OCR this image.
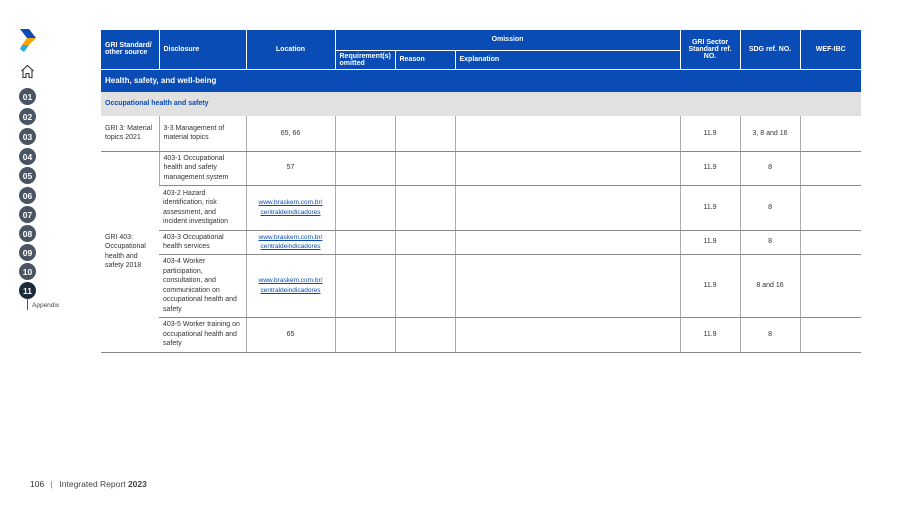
01
02
03
04
05
06
07
08
09
10
11
Appendix
GRI Standard/ other source	Disclosure	Location	Omission			GRI Sector Standard ref. NO.	SDG ref. NO.	WEF-IBC
			Requirement(s) omitted	Reason	Explanation			
Health, safety, and well-being								
Occupational health and safety								
GRI 3: Material topics 2021	3-3 Management of material topics	65, 66				11.9	3, 8 and 16	
GRI 403: Occupational health and safety 2018	403-1 Occupational health and safety management system	57				11.9	8	
	403-2 Hazard identification, risk assessment, and incident investigation	www.braskem.com.br/ centraldeindicadores				11.9	8	
	403-3 Occupational health services	www.braskem.com.br/ centraldeindicadores				11.9	8	
	403-4 Worker participation, consultation, and communication on occupational health and safety	www.braskem.com.br/ centraldeindicadores				11.9	8 and 16	
	403-5 Worker training on occupational health and safety	65				11.9	8	
106 | Integrated Report 2023
